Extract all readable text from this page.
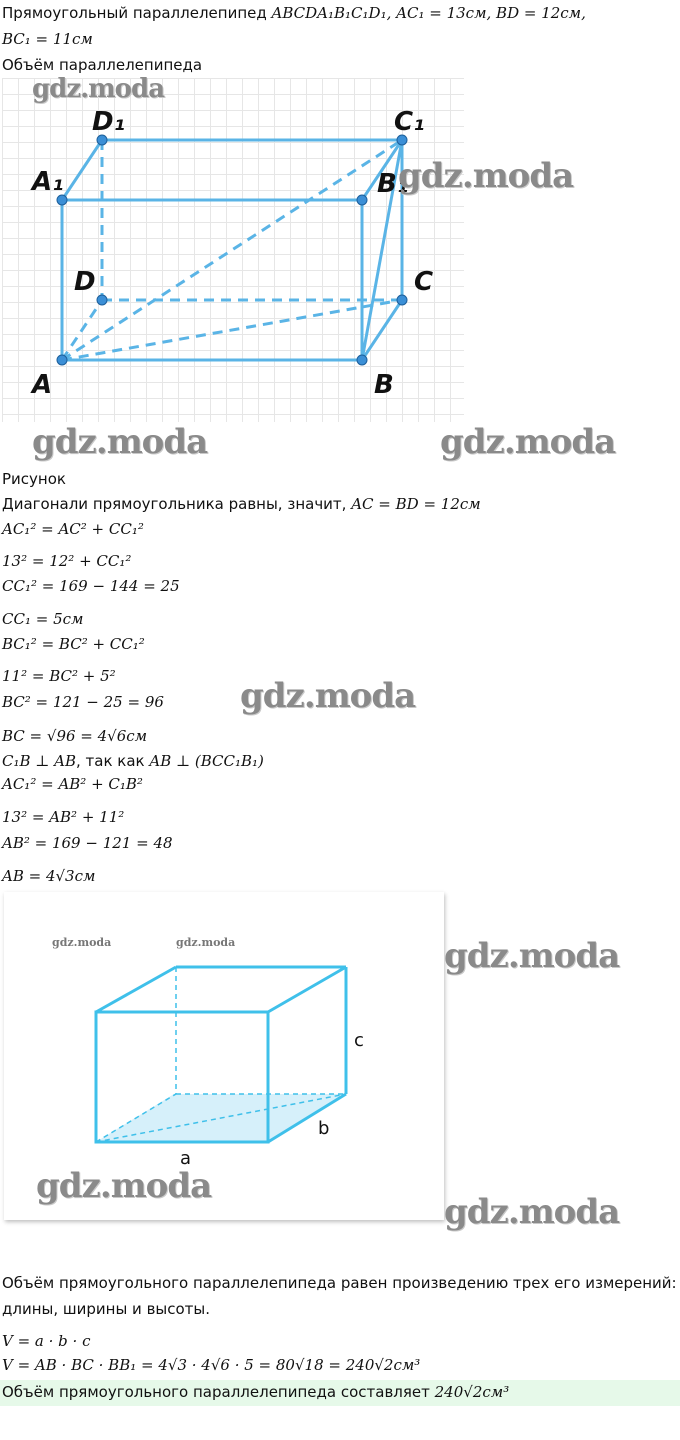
Прямоугольный параллелепипед ABCDA₁B₁C₁D₁, AC₁ = 13см, BD = 12см,
BC₁ = 11см
Объём параллелепипеда
D₁	C₁
A₁	B₁
D	C
A	B
gdz.moda
gdz.moda
gdz.moda	gdz.moda
Рисунок
Диагонали прямоугольника равны, значит, AC = BD = 12см
AC₁² = AC² + CC₁²
13² = 12² + CC₁²
CC₁² = 169 − 144 = 25
CC₁ = 5см
BC₁² = BC² + CC₁²
11² = BC² + 5²
BC² = 121 − 25 = 96
BC = √96 = 4√6см
C₁B ⊥ AB, так как AB ⊥ (BCC₁B₁)
AC₁² = AB² + C₁B²
13² = AB² + 11²
AB² = 169 − 121 = 48
AB = 4√3см
gdz.moda
gdz.moda	gdz.moda
a
b
c
gdz.moda
gdz.moda
gdz.moda
Объём прямоугольного параллелепипеда равен произведению трех его измерений:
длины, ширины и высоты.
V = a · b · c
V = AB · BC · BB₁ = 4√3 · 4√6 · 5 = 80√18 = 240√2см³
Объём прямоугольного параллелепипеда составляет 240√2см³
